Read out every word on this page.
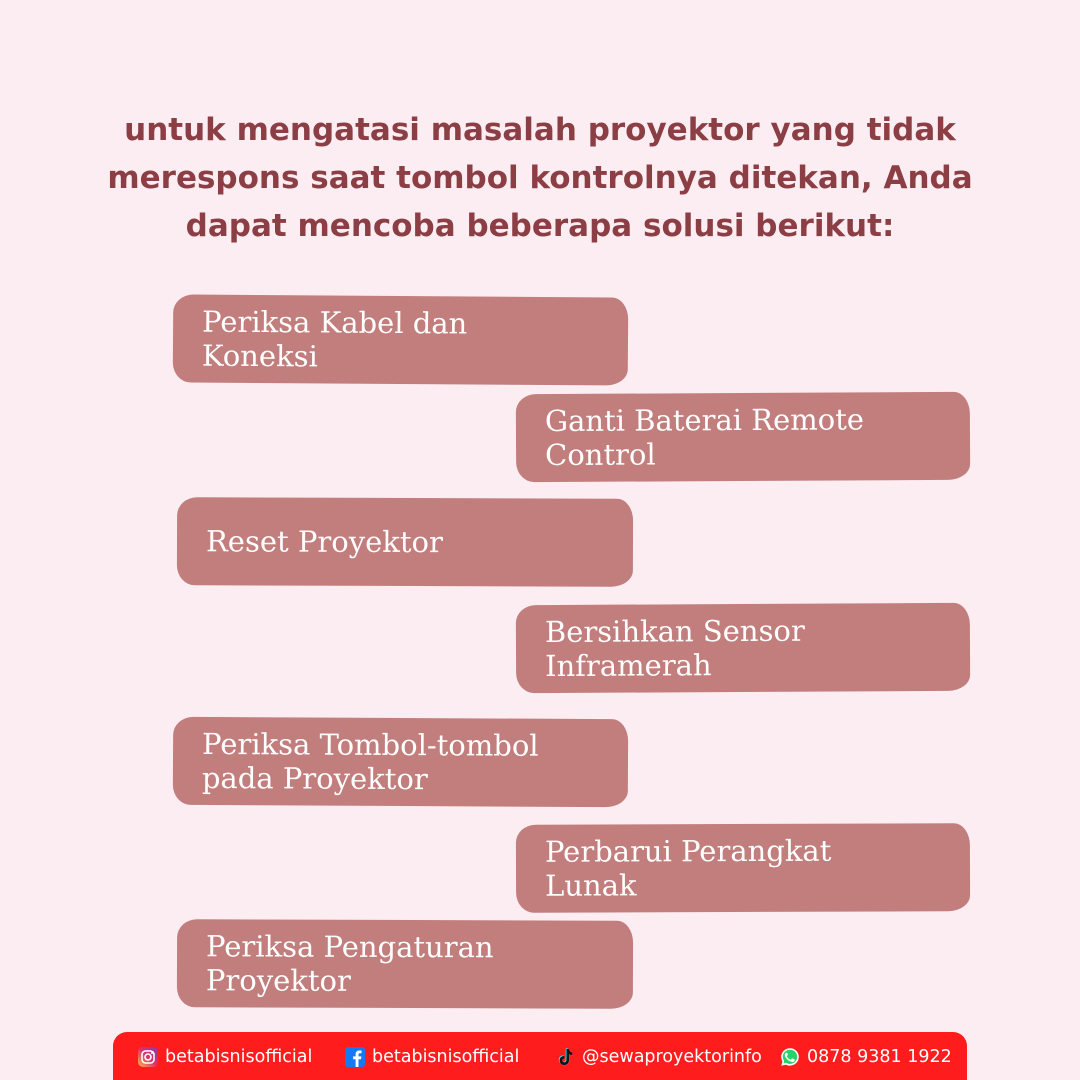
untuk mengatasi masalah proyektor yang tidak merespons saat tombol kontrolnya ditekan, Anda dapat mencoba beberapa solusi berikut:
Periksa Kabel dan Koneksi
Ganti Baterai Remote Control
Reset Proyektor
Bersihkan Sensor Inframerah
Periksa Tombol-tombol pada Proyektor
Perbarui Perangkat Lunak
Periksa Pengaturan Proyektor
betabisnisofficial	betabisnisofficial	@sewaproyektorinfo	0878 9381 1922
